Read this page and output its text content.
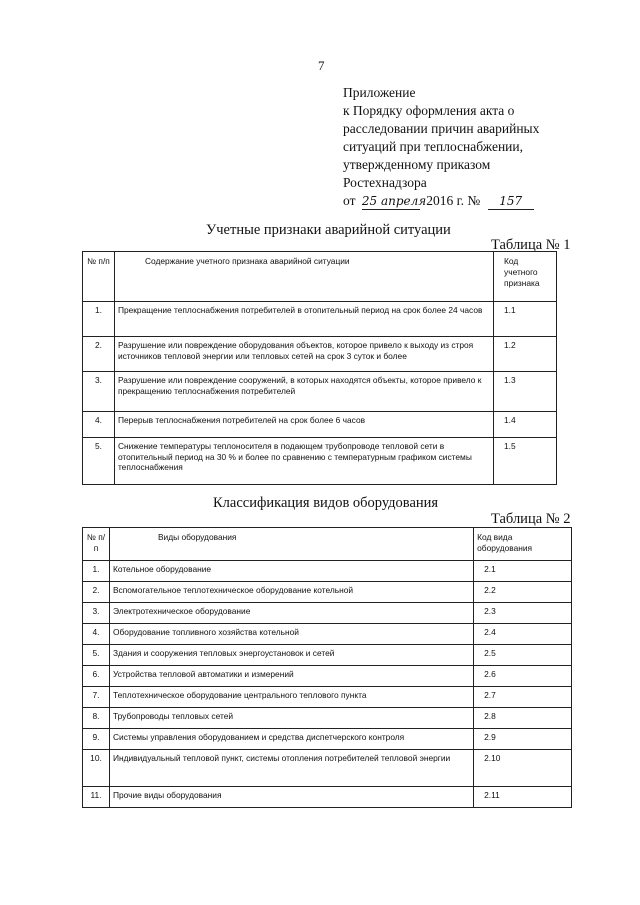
7
Приложение
к Порядку оформления акта о
расследовании причин аварийных
ситуаций при теплоснабжении,
утвержденному приказом
Ростехнадзора
от 25 апреля 2016 г. № 157
Учетные признаки аварийной ситуации
Таблица № 1
№ п/п	Содержание учетного признака аварийной ситуации	Код учетного признака
1.	Прекращение теплоснабжения потребителей в отопительный период на срок более 24 часов	1.1
2.	Разрушение или повреждение оборудования объектов, которое привело к выходу из строя источников тепловой энергии или тепловых сетей на срок 3 суток и более	1.2
3.	Разрушение или повреждение сооружений, в которых находятся объекты, которое привело к прекращению теплоснабжения потребителей	1.3
4.	Перерыв теплоснабжения потребителей на срок более 6 часов	1.4
5.	Снижение температуры теплоносителя в подающем трубопроводе тепловой сети в отопительный период на 30 % и более по сравнению с температурным графиком системы теплоснабжения	1.5
Классификация видов оборудования
Таблица № 2
№ п/п	Виды оборудования	Код вида оборудования
1.	Котельное оборудование	2.1
2.	Вспомогательное теплотехническое оборудование котельной	2.2
3.	Электротехническое оборудование	2.3
4.	Оборудование топливного хозяйства котельной	2.4
5.	Здания и сооружения тепловых энергоустановок и сетей	2.5
6.	Устройства тепловой автоматики и измерений	2.6
7.	Теплотехническое оборудование центрального теплового пункта	2.7
8.	Трубопроводы тепловых сетей	2.8
9.	Системы управления оборудованием и средства диспетчерского контроля	2.9
10.	Индивидуальный тепловой пункт, системы отопления потребителей тепловой энергии	2.10
11.	Прочие виды оборудования	2.11
